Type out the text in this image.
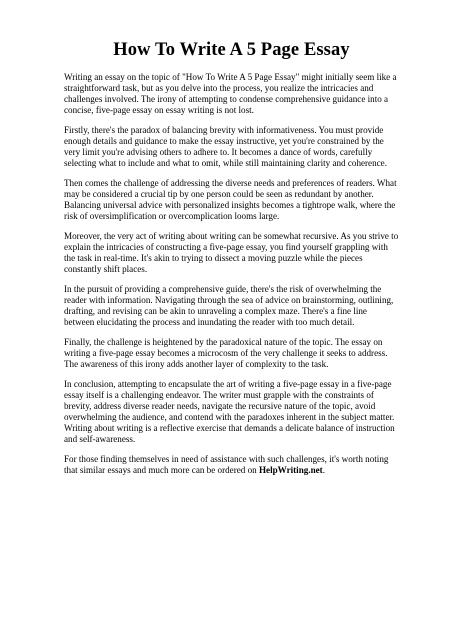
How To Write A 5 Page Essay

Writing an essay on the topic of "How To Write A 5 Page Essay" might initially seem like a straightforward task, but as you delve into the process, you realize the intricacies and challenges involved. The irony of attempting to condense comprehensive guidance into a concise, five-page essay on essay writing is not lost.

Firstly, there's the paradox of balancing brevity with informativeness. You must provide enough details and guidance to make the essay instructive, yet you're constrained by the very limit you're advising others to adhere to. It becomes a dance of words, carefully selecting what to include and what to omit, while still maintaining clarity and coherence.

Then comes the challenge of addressing the diverse needs and preferences of readers. What may be considered a crucial tip by one person could be seen as redundant by another. Balancing universal advice with personalized insights becomes a tightrope walk, where the risk of oversimplification or overcomplication looms large.

Moreover, the very act of writing about writing can be somewhat recursive. As you strive to explain the intricacies of constructing a five-page essay, you find yourself grappling with the task in real-time. It's akin to trying to dissect a moving puzzle while the pieces constantly shift places.

In the pursuit of providing a comprehensive guide, there's the risk of overwhelming the reader with information. Navigating through the sea of advice on brainstorming, outlining, drafting, and revising can be akin to unraveling a complex maze. There's a fine line between elucidating the process and inundating the reader with too much detail.

Finally, the challenge is heightened by the paradoxical nature of the topic. The essay on writing a five-page essay becomes a microcosm of the very challenge it seeks to address. The awareness of this irony adds another layer of complexity to the task.

In conclusion, attempting to encapsulate the art of writing a five-page essay in a five-page essay itself is a challenging endeavor. The writer must grapple with the constraints of brevity, address diverse reader needs, navigate the recursive nature of the topic, avoid overwhelming the audience, and contend with the paradoxes inherent in the subject matter. Writing about writing is a reflective exercise that demands a delicate balance of instruction and self-awareness.

For those finding themselves in need of assistance with such challenges, it's worth noting that similar essays and much more can be ordered on HelpWriting.net.
